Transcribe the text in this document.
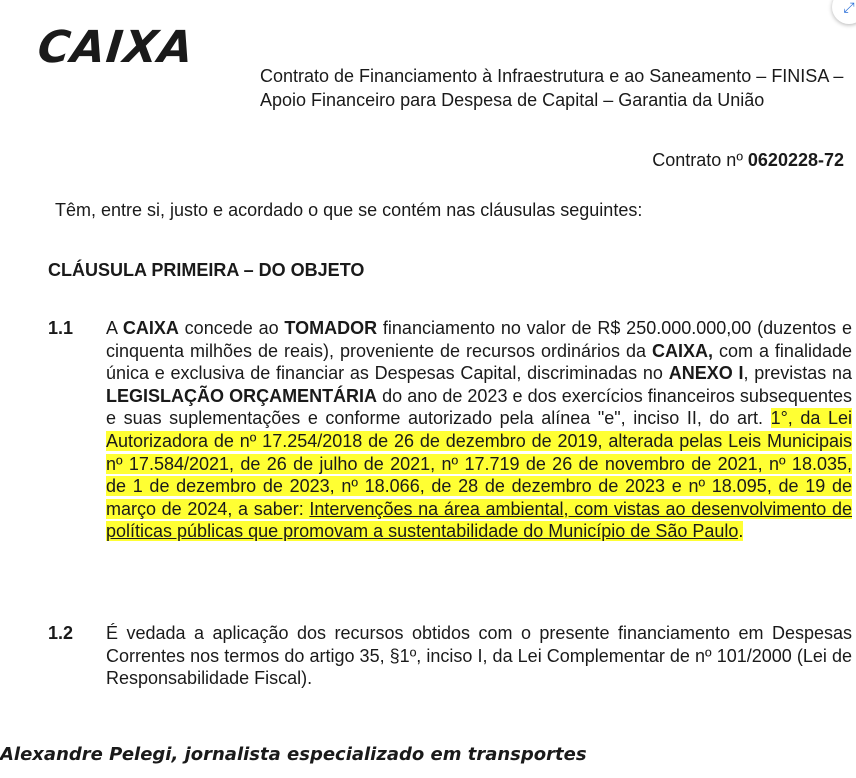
CAIXA
⤢
Contrato de Financiamento à Infraestrutura e ao Saneamento – FINISA – Apoio Financeiro para Despesa de Capital – Garantia da União
Contrato nº 0620228-72
Têm, entre si, justo e acordado o que se contém nas cláusulas seguintes:
CLÁUSULA PRIMEIRA – DO OBJETO
1.1	A CAIXA concede ao TOMADOR financiamento no valor de R$ 250.000.000,00 (duzentos e cinquenta milhões de reais), proveniente de recursos ordinários da CAIXA, com a finalidade única e exclusiva de financiar as Despesas Capital, discriminadas no ANEXO I, previstas na LEGISLAÇÃO ORÇAMENTÁRIA do ano de 2023 e dos exercícios financeiros subsequentes e suas suplementações e conforme autorizado pela alínea "e", inciso II, do art. 1°, da Lei Autorizadora de nº 17.254/2018 de 26 de dezembro de 2019, alterada pelas Leis Municipais nº 17.584/2021, de 26 de julho de 2021, nº 17.719 de 26 de novembro de 2021, nº 18.035, de 1 de dezembro de 2023, nº 18.066, de 28 de dezembro de 2023 e nº 18.095, de 19 de março de 2024, a saber: Intervenções na área ambiental, com vistas ao desenvolvimento de políticas públicas que promovam a sustentabilidade do Município de São Paulo.
1.2	É vedada a aplicação dos recursos obtidos com o presente financiamento em Despesas Correntes nos termos do artigo 35, §1º, inciso I, da Lei Complementar de nº 101/2000 (Lei de Responsabilidade Fiscal).
Alexandre Pelegi, jornalista especializado em transportes
